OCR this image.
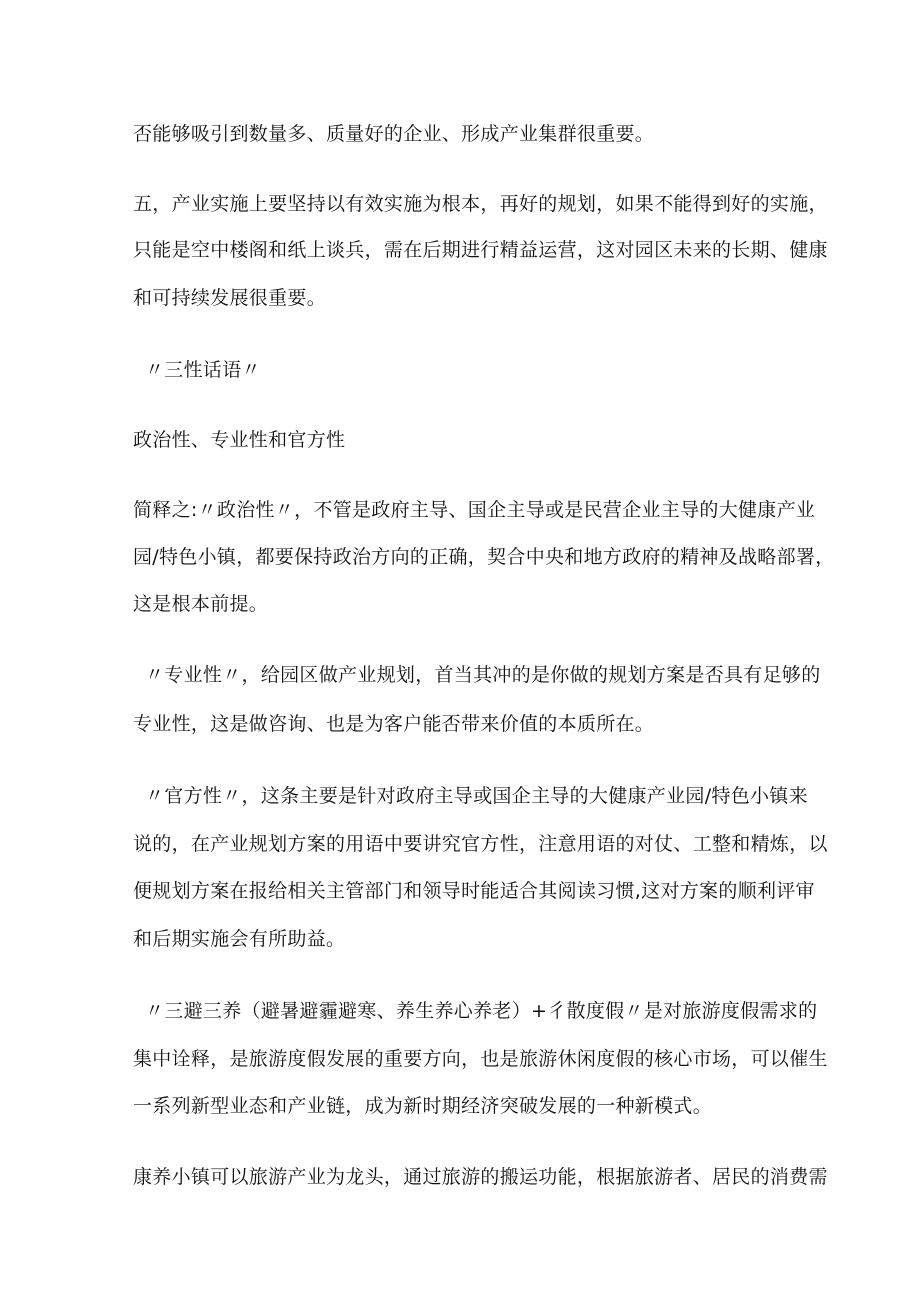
否能够吸引到数量多、质量好的企业、形成产业集群很重要。
五，产业实施上要坚持以有效实施为根本，再好的规划，如果不能得到好的实施，
只能是空中楼阁和纸上谈兵，需在后期进行精益运营，这对园区未来的长期、健康
和可持续发展很重要。
〃三性话语〃
政治性、专业性和官方性
简释之:〃政治性〃，不管是政府主导、国企主导或是民营企业主导的大健康产业
园/特色小镇，都要保持政治方向的正确，契合中央和地方政府的精神及战略部署，
这是根本前提。
〃专业性〃，给园区做产业规划，首当其冲的是你做的规划方案是否具有足够的
专业性，这是做咨询、也是为客户能否带来价值的本质所在。
〃官方性〃，这条主要是针对政府主导或国企主导的大健康产业园/特色小镇来
说的，在产业规划方案的用语中要讲究官方性，注意用语的对仗、工整和精炼，以
便规划方案在报给相关主管部门和领导时能适合其阅读习惯,这对方案的顺利评审
和后期实施会有所助益。
〃三避三养（避暑避霾避寒、养生养心养老）+彳散度假〃是对旅游度假需求的
集中诠释，是旅游度假发展的重要方向，也是旅游休闲度假的核心市场，可以催生
一系列新型业态和产业链，成为新时期经济突破发展的一种新模式。
康养小镇可以旅游产业为龙头，通过旅游的搬运功能，根据旅游者、居民的消费需
